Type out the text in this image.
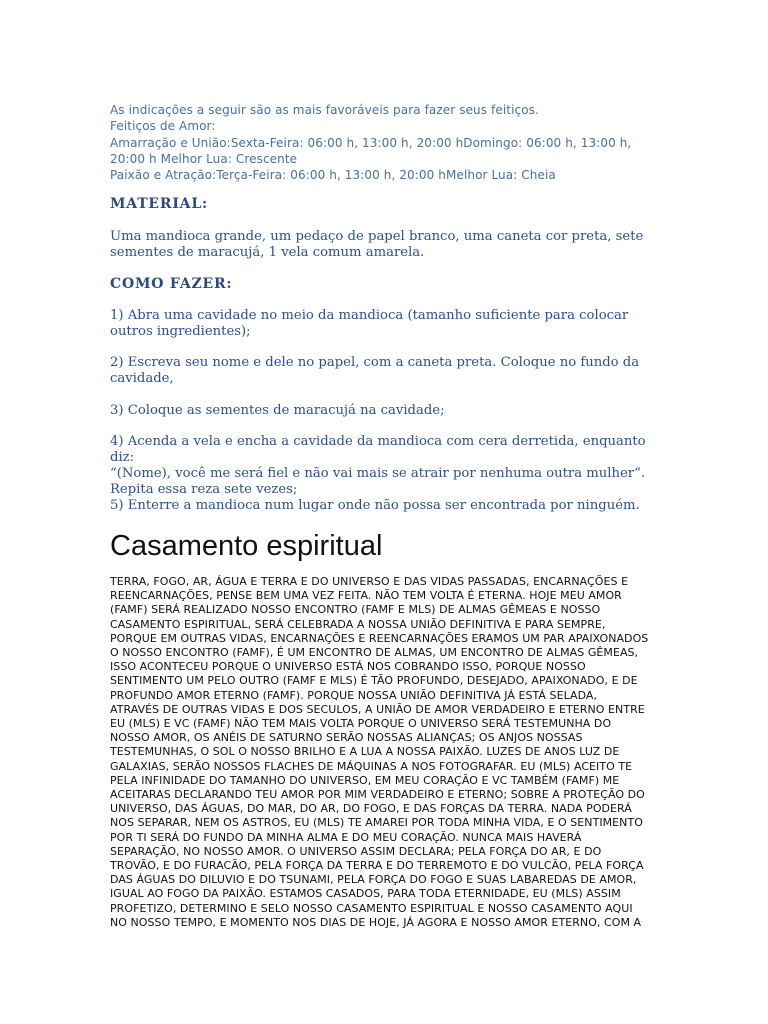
As indicações a seguir são as mais favoráveis para fazer seus feitiços.
Feitiços de Amor:
Amarração e União:Sexta-Feira: 06:00 h, 13:00 h, 20:00 hDomingo: 06:00 h, 13:00 h,
20:00 h Melhor Lua: Crescente
Paixão e Atração:Terça-Feira: 06:00 h, 13:00 h, 20:00 hMelhor Lua: Cheia
MATERIAL:
Uma mandioca grande, um pedaço de papel branco, uma caneta cor preta, sete
sementes de maracujá, 1 vela comum amarela.
COMO FAZER:
1) Abra uma cavidade no meio da mandioca (tamanho suficiente para colocar
outros ingredientes);
2) Escreva seu nome e dele no papel, com a caneta preta. Coloque no fundo da
cavidade,
3) Coloque as sementes de maracujá na cavidade;
4) Acenda a vela e encha a cavidade da mandioca com cera derretida, enquanto diz:
“(Nome), você me será fiel e não vai mais se atrair por nenhuma outra mulher“.
Repita essa reza sete vezes;
5) Enterre a mandioca num lugar onde não possa ser encontrada por ninguém.
Casamento espiritual
TERRA, FOGO, AR, ÁGUA E TERRA E DO UNIVERSO E DAS VIDAS PASSADAS, ENCARNAÇÕES E
REENCARNAÇÕES, PENSE BEM UMA VEZ FEITA. NÃO TEM VOLTA É ETERNA. HOJE MEU AMOR
(FAMF) SERÁ REALIZADO NOSSO ENCONTRO (FAMF E MLS) DE ALMAS GÊMEAS E NOSSO
CASAMENTO ESPIRITUAL, SERÁ CELEBRADA A NOSSA UNIÃO DEFINITIVA E PARA SEMPRE,
PORQUE EM OUTRAS VIDAS, ENCARNAÇÕES E REENCARNAÇÕES ERAMOS UM PAR APAIXONADOS
O NOSSO ENCONTRO (FAMF), É UM ENCONTRO DE ALMAS, UM ENCONTRO DE ALMAS GÊMEAS,
ISSO ACONTECEU PORQUE O UNIVERSO ESTÁ NOS COBRANDO ISSO, PORQUE NOSSO
SENTIMENTO UM PELO OUTRO (FAMF E MLS) É TÃO PROFUNDO, DESEJADO, APAIXONADO, E DE
PROFUNDO AMOR ETERNO (FAMF). PORQUE NOSSA UNIÃO DEFINITIVA JÁ ESTÁ SELADA,
ATRAVÉS DE OUTRAS VIDAS E DOS SECULOS, A UNIÃO DE AMOR VERDADEIRO E ETERNO ENTRE
EU (MLS) E VC (FAMF) NÃO TEM MAIS VOLTA PORQUE O UNIVERSO SERÁ TESTEMUNHA DO
NOSSO AMOR, OS ANÉIS DE SATURNO SERÃO NOSSAS ALIANÇAS; OS ANJOS NOSSAS
TESTEMUNHAS, O SOL O NOSSO BRILHO E A LUA A NOSSA PAIXÃO. LUZES DE ANOS LUZ DE
GALAXIAS, SERÃO NOSSOS FLACHES DE MÁQUINAS A NOS FOTOGRAFAR. EU (MLS) ACEITO TE
PELA INFINIDADE DO TAMANHO DO UNIVERSO, EM MEU CORAÇÃO E VC TAMBÉM (FAMF) ME
ACEITARAS DECLARANDO TEU AMOR POR MIM VERDADEIRO E ETERNO; SOBRE A PROTEÇÃO DO
UNIVERSO, DAS ÁGUAS, DO MAR, DO AR, DO FOGO, E DAS FORÇAS DA TERRA. NADA PODERÁ
NOS SEPARAR, NEM OS ASTROS, EU (MLS) TE AMAREI POR TODA MINHA VIDA, E O SENTIMENTO
POR TI SERÁ DO FUNDO DA MINHA ALMA E DO MEU CORAÇÃO. NUNCA MAIS HAVERÁ
SEPARAÇÃO, NO NOSSO AMOR. O UNIVERSO ASSIM DECLARA; PELA FORÇA DO AR, E DO
TROVÃO, E DO FURACÃO, PELA FORÇA DA TERRA E DO TERREMOTO E DO VULCÃO, PELA FORÇA
DAS ÁGUAS DO DILUVIO E DO TSUNAMI, PELA FORÇA DO FOGO E SUAS LABAREDAS DE AMOR,
IGUAL AO FOGO DA PAIXÃO. ESTAMOS CASADOS, PARA TODA ETERNIDADE, EU (MLS) ASSIM
PROFETIZO, DETERMINO E SELO NOSSO CASAMENTO ESPIRITUAL E NOSSO CASAMENTO AQUI
NO NOSSO TEMPO, E MOMENTO NOS DIAS DE HOJE, JÁ AGORA E NOSSO AMOR ETERNO, COM A
